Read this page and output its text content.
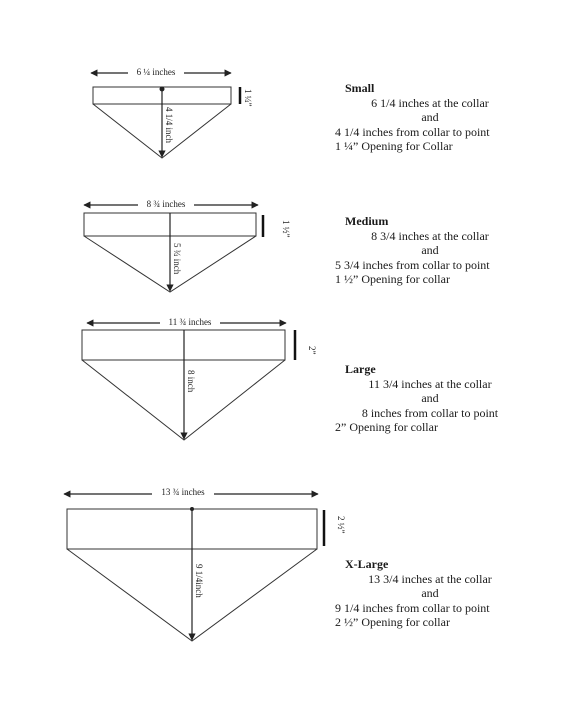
6 ¼ inches
4 1/4 inch
1 ¼”
8 ¾ inches
5 ¾ inch
1 ½”
11 ¾ inches
8 inch
2”
13 ¾ inches
9 1/4inch
2 ½”
Small
6 1/4 inches at the collar
and
4 1/4 inches from collar to point
1 ¼” Opening for Collar
Medium
8 3/4 inches at the collar
and
5 3/4 inches from collar to point
1 ½” Opening for collar
Large
11 3/4 inches at the collar
and
8 inches from collar to point
2” Opening for collar
X-Large
13 3/4 inches at the collar
and
9 1/4 inches from collar to point
2 ½” Opening for collar
